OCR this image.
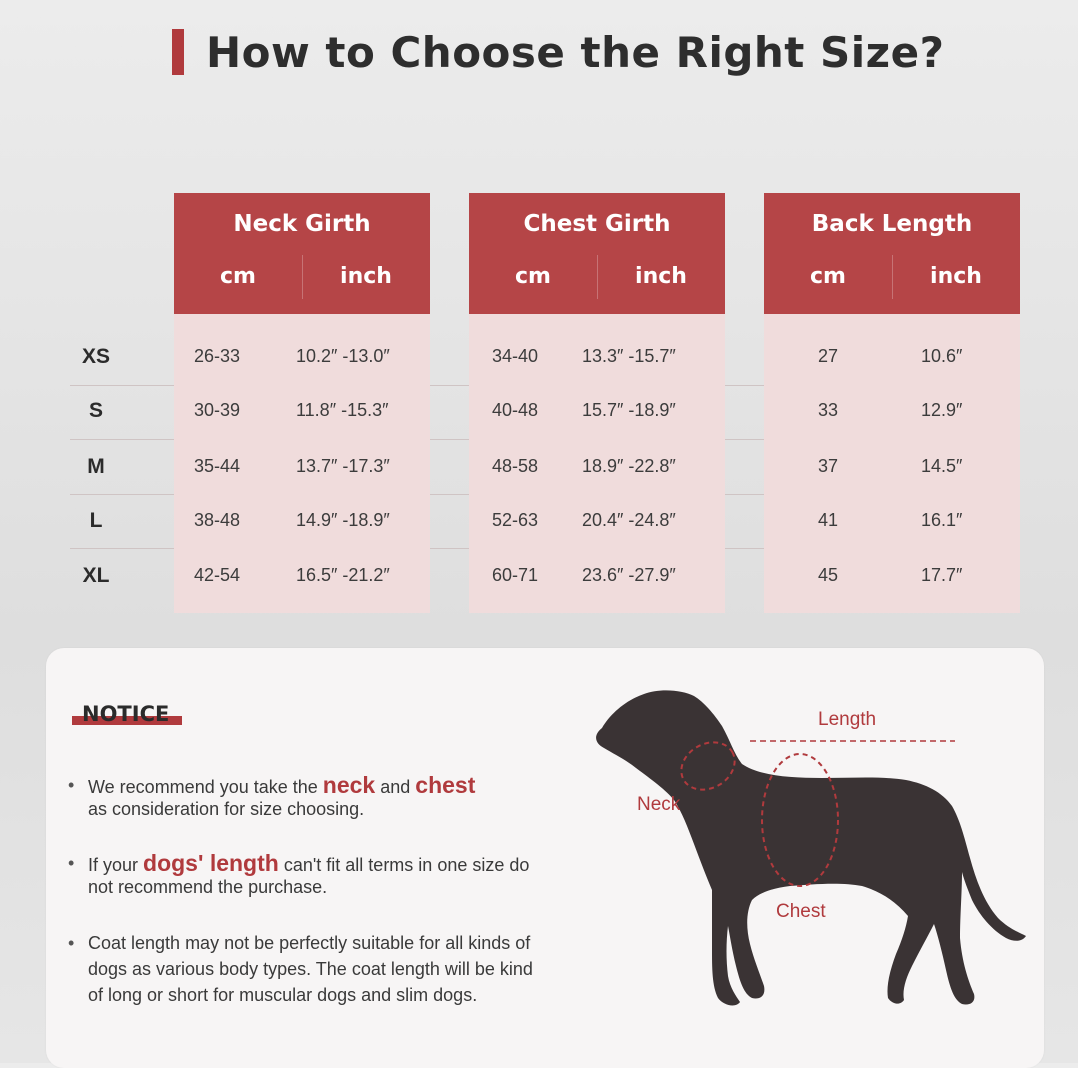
How to Choose the Right Size?
Neck Girth
cm	inch
Chest Girth
cm	inch
Back Length
cm	inch
XS	26-33	10.2″ -13.0″	34-40 13.3″ -15.7″	27	10.6″
S	30-39	11.8″ -15.3″	40-48 15.7″ -18.9″	33	12.9″
M	35-44	13.7″ -17.3″	48-58 18.9″ -22.8″	37	14.5″
L	38-48	14.9″ -18.9″	52-63 20.4″ -24.8″	41	16.1″
XL	42-54	16.5″ -21.2″	60-71 23.6″ -27.9″	45	17.7″
NOTICE
• We recommend you take the neck and chest
as consideration for size choosing.
• If your dogs' length can't fit all terms in one size do
not recommend the purchase.
• Coat length may not be perfectly suitable for all kinds of
dogs as various body types. The coat length will be kind
of long or short for muscular dogs and slim dogs.
Length
Neck
Chest
